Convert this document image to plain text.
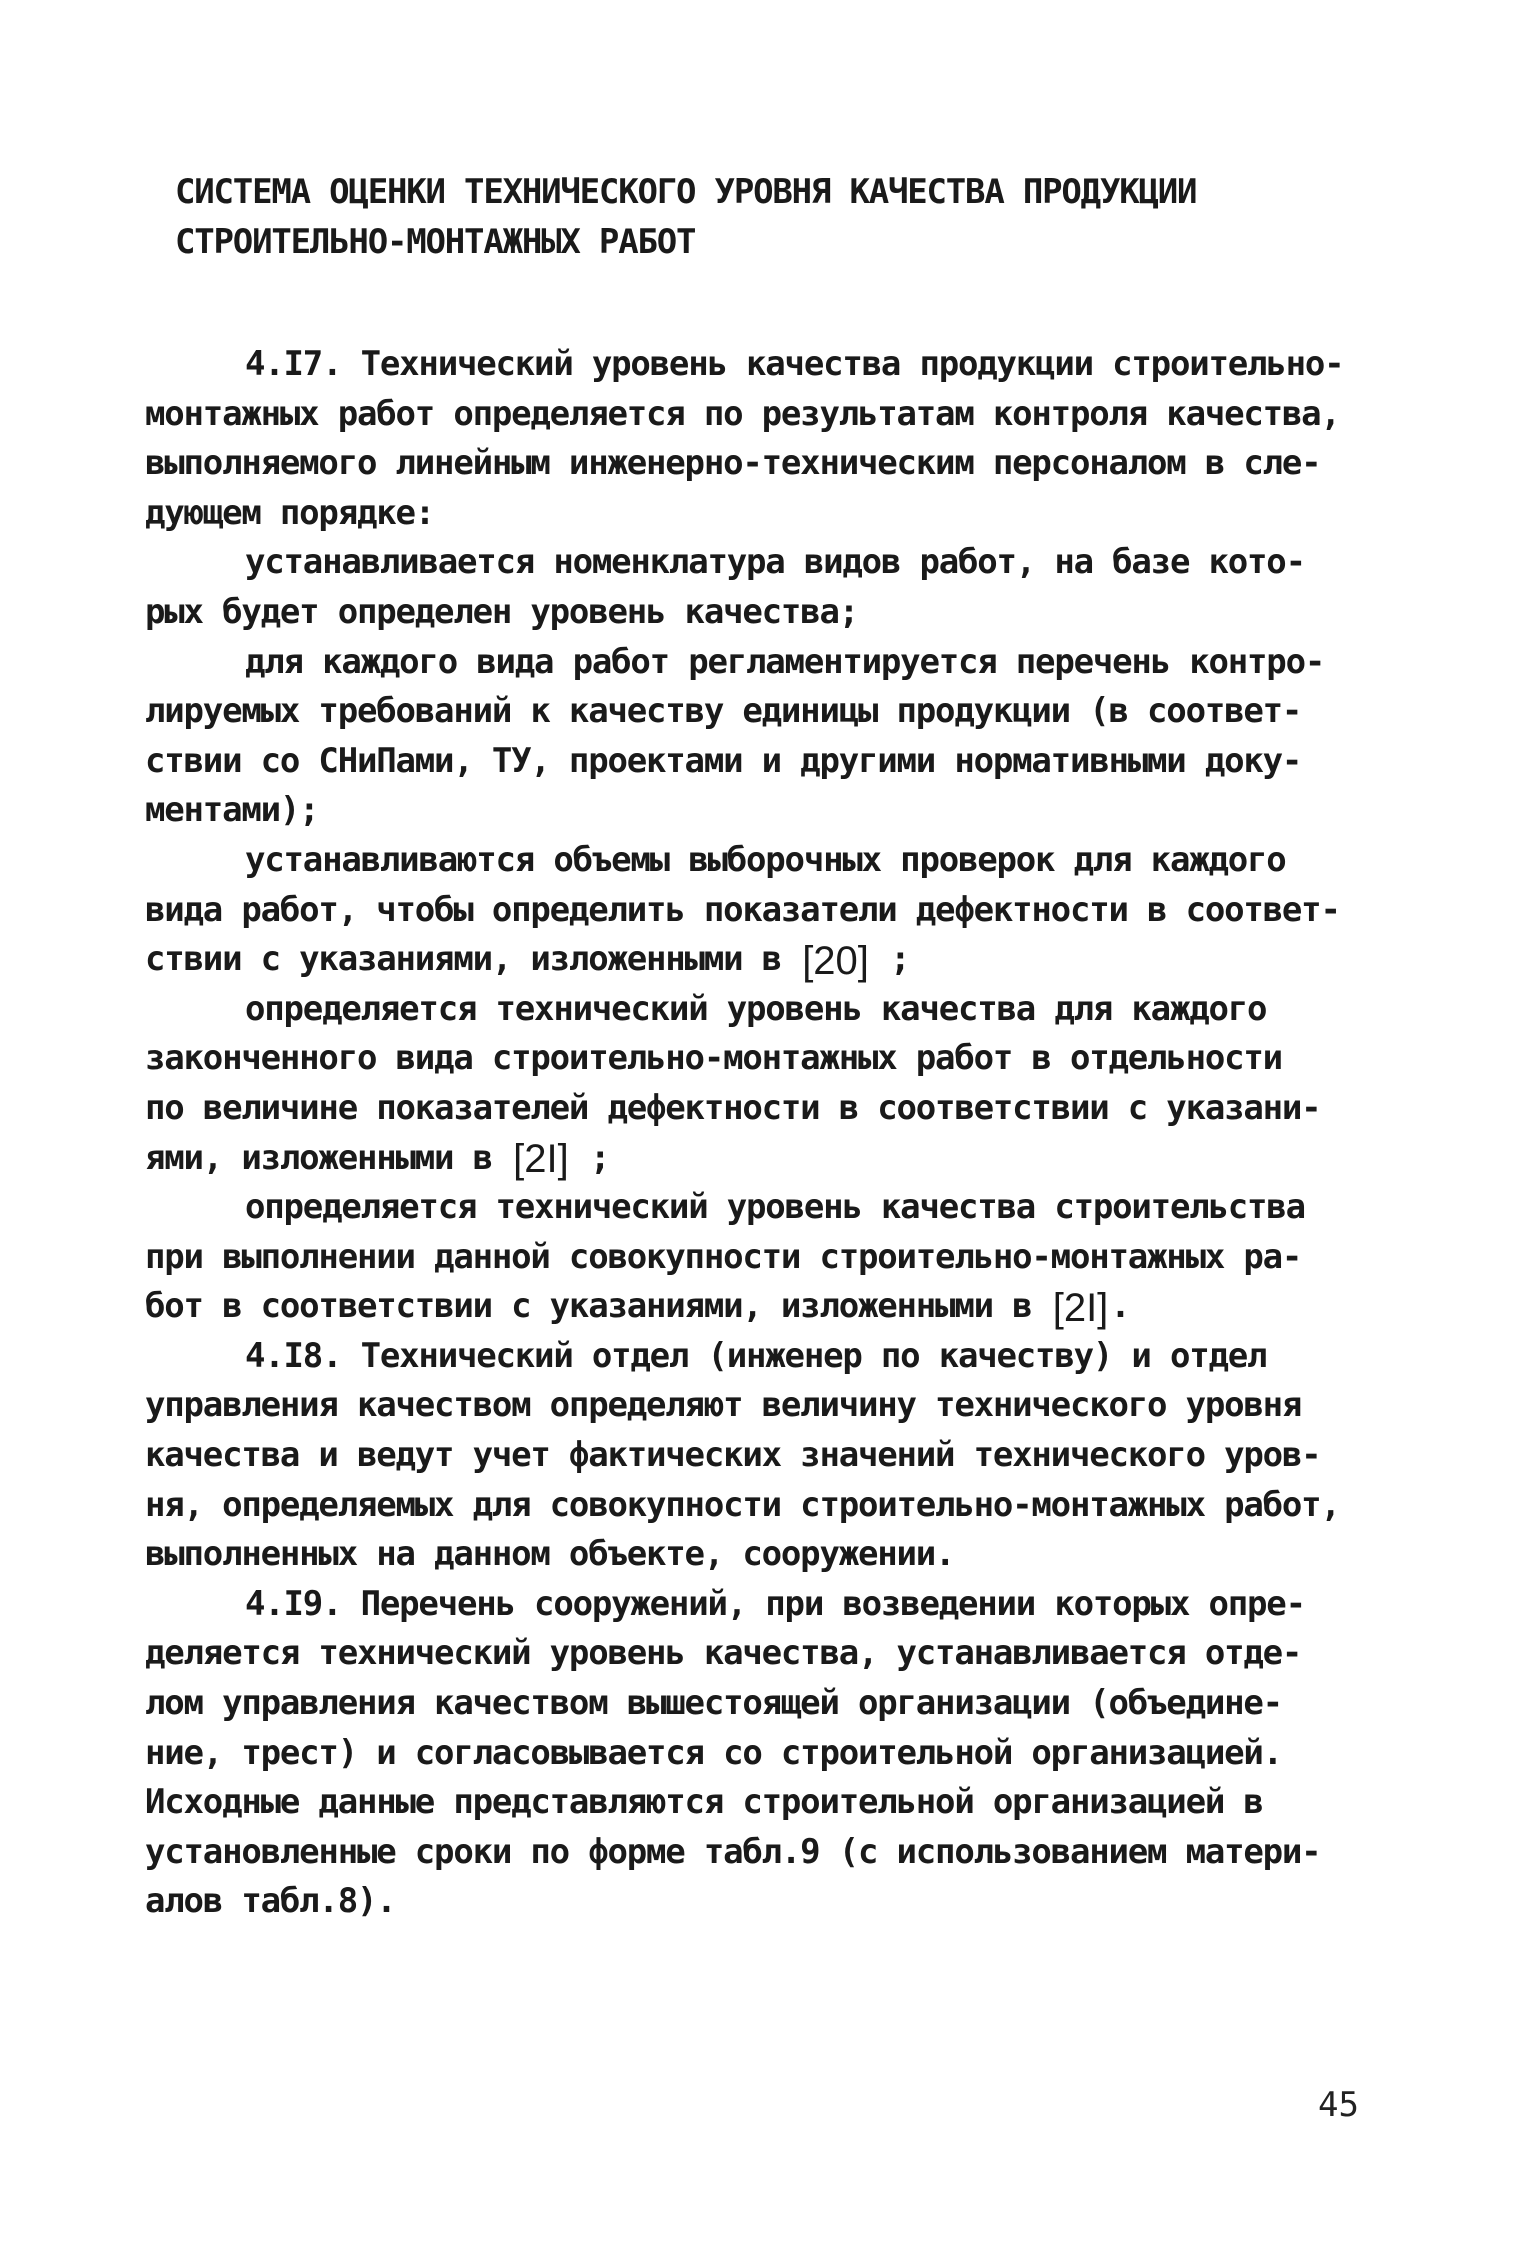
СИСТЕМА ОЦЕНКИ ТЕХНИЧЕСКОГО УРОВНЯ КАЧЕСТВА ПРОДУКЦИИ
СТРОИТЕЛЬНО-МОНТАЖНЫХ РАБОТ
4.I7. Технический уровень качества продукции строительно-
монтажных работ определяется по результатам контроля качества,
выполняемого линейным инженерно-техническим персоналом в сле-
дующем порядке:
устанавливается номенклатура видов работ, на базе кото-
рых будет определен уровень качества;
для каждого вида работ регламентируется перечень контро-
лируемых требований к качеству единицы продукции (в соответ-
ствии со СНиПами, ТУ, проектами и другими нормативными доку-
ментами);
устанавливаются объемы выборочных проверок для каждого
вида работ, чтобы определить показатели дефектности в соответ-
ствии с указаниями, изложенными в [20] ;
определяется технический уровень качества для каждого
законченного вида строительно-монтажных работ в отдельности
по величине показателей дефектности в соответствии с указани-
ями, изложенными в [2I] ;
определяется технический уровень качества строительства
при выполнении данной совокупности строительно-монтажных ра-
бот в соответствии с указаниями, изложенными в [2I].
4.I8. Технический отдел (инженер по качеству) и отдел
управления качеством определяют величину технического уровня
качества и ведут учет фактических значений технического уров-
ня, определяемых для совокупности строительно-монтажных работ,
выполненных на данном объекте, сооружении.
4.I9. Перечень сооружений, при возведении которых опре-
деляется технический уровень качества, устанавливается отде-
лом управления качеством вышестоящей организации (объедине-
ние, трест) и согласовывается со строительной организацией.
Исходные данные представляются строительной организацией в
установленные сроки по форме табл.9 (с использованием матери-
алов табл.8).
45
